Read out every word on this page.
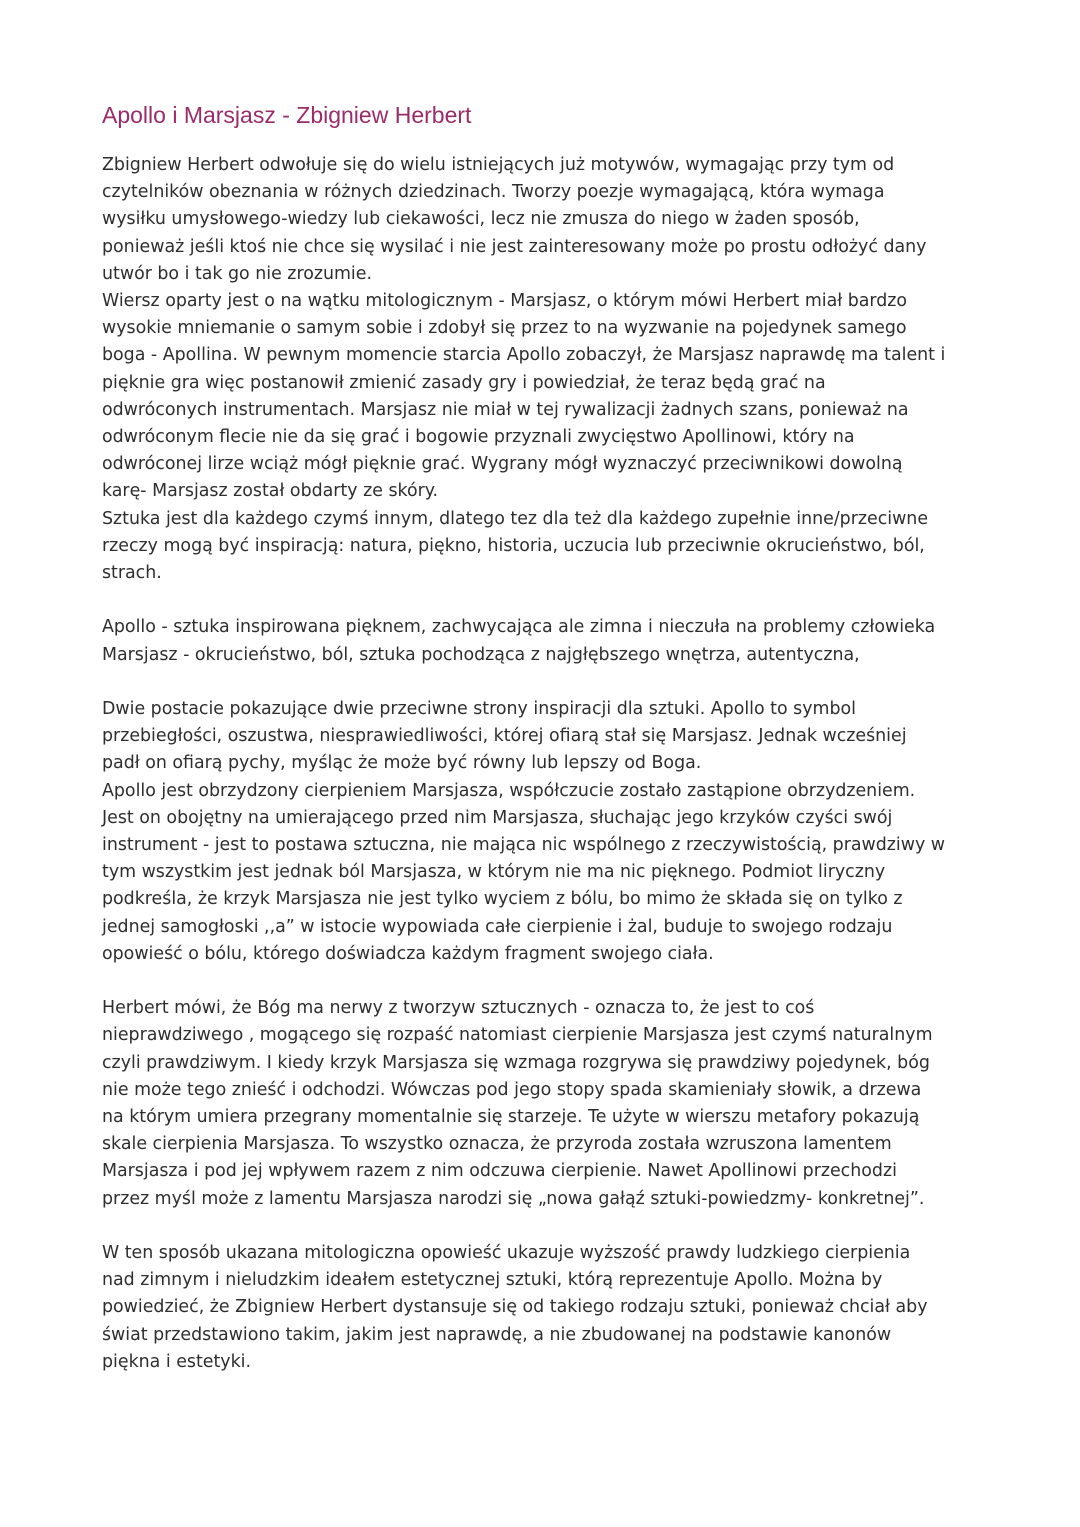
Apollo i Marsjasz - Zbigniew Herbert

Zbigniew Herbert odwołuje się do wielu istniejących już motywów, wymagając przy tym od
czytelników obeznania w różnych dziedzinach. Tworzy poezje wymagającą, która wymaga
wysiłku umysłowego-wiedzy lub ciekawości, lecz nie zmusza do niego w żaden sposób,
ponieważ jeśli ktoś nie chce się wysilać i nie jest zainteresowany może po prostu odłożyć dany
utwór bo i tak go nie zrozumie.

Wiersz oparty jest o na wątku mitologicznym - Marsjasz, o którym mówi Herbert miał bardzo
wysokie mniemanie o samym sobie i zdobył się przez to na wyzwanie na pojedynek samego
boga - Apollina. W pewnym momencie starcia Apollo zobaczył, że Marsjasz naprawdę ma talent i
pięknie gra więc postanowił zmienić zasady gry i powiedział, że teraz będą grać na
odwróconych instrumentach. Marsjasz nie miał w tej rywalizacji żadnych szans, ponieważ na
odwróconym flecie nie da się grać i bogowie przyznali zwycięstwo Apollinowi, który na
odwróconej lirze wciąż mógł pięknie grać. Wygrany mógł wyznaczyć przeciwnikowi dowolną
karę- Marsjasz został obdarty ze skóry.

Sztuka jest dla każdego czymś innym, dlatego tez dla też dla każdego zupełnie inne/przeciwne
rzeczy mogą być inspiracją: natura, piękno, historia, uczucia lub przeciwnie okrucieństwo, ból,
strach.

Apollo - sztuka inspirowana pięknem, zachwycająca ale zimna i nieczuła na problemy człowieka
Marsjasz - okrucieństwo, ból, sztuka pochodząca z najgłębszego wnętrza, autentyczna,

Dwie postacie pokazujące dwie przeciwne strony inspiracji dla sztuki. Apollo to symbol
przebiegłości, oszustwa, niesprawiedliwości, której ofiarą stał się Marsjasz. Jednak wcześniej
padł on ofiarą pychy, myśląc że może być równy lub lepszy od Boga.

Apollo jest obrzydzony cierpieniem Marsjasza, współczucie zostało zastąpione obrzydzeniem.
Jest on obojętny na umierającego przed nim Marsjasza, słuchając jego krzyków czyści swój
instrument - jest to postawa sztuczna, nie mająca nic wspólnego z rzeczywistością, prawdziwy w
tym wszystkim jest jednak ból Marsjasza, w którym nie ma nic pięknego. Podmiot liryczny
podkreśla, że krzyk Marsjasza nie jest tylko wyciem z bólu, bo mimo że składa się on tylko z
jednej samogłoski ,,a” w istocie wypowiada całe cierpienie i żal, buduje to swojego rodzaju
opowieść o bólu, którego doświadcza każdym fragment swojego ciała.

Herbert mówi, że Bóg ma nerwy z tworzyw sztucznych - oznacza to, że jest to coś
nieprawdziwego , mogącego się rozpaść natomiast cierpienie Marsjasza jest czymś naturalnym
czyli prawdziwym. I kiedy krzyk Marsjasza się wzmaga rozgrywa się prawdziwy pojedynek, bóg
nie może tego znieść i odchodzi. Wówczas pod jego stopy spada skamieniały słowik, a drzewa
na którym umiera przegrany momentalnie się starzeje. Te użyte w wierszu metafory pokazują
skale cierpienia Marsjasza. To wszystko oznacza, że przyroda została wzruszona lamentem
Marsjasza i pod jej wpływem razem z nim odczuwa cierpienie. Nawet Apollinowi przechodzi
przez myśl może z lamentu Marsjasza narodzi się „nowa gałąź sztuki-powiedzmy- konkretnej”.

W ten sposób ukazana mitologiczna opowieść ukazuje wyższość prawdy ludzkiego cierpienia
nad zimnym i nieludzkim ideałem estetycznej sztuki, którą reprezentuje Apollo. Można by
powiedzieć, że Zbigniew Herbert dystansuje się od takiego rodzaju sztuki, ponieważ chciał aby
świat przedstawiono takim, jakim jest naprawdę, a nie zbudowanej na podstawie kanonów
piękna i estetyki.
